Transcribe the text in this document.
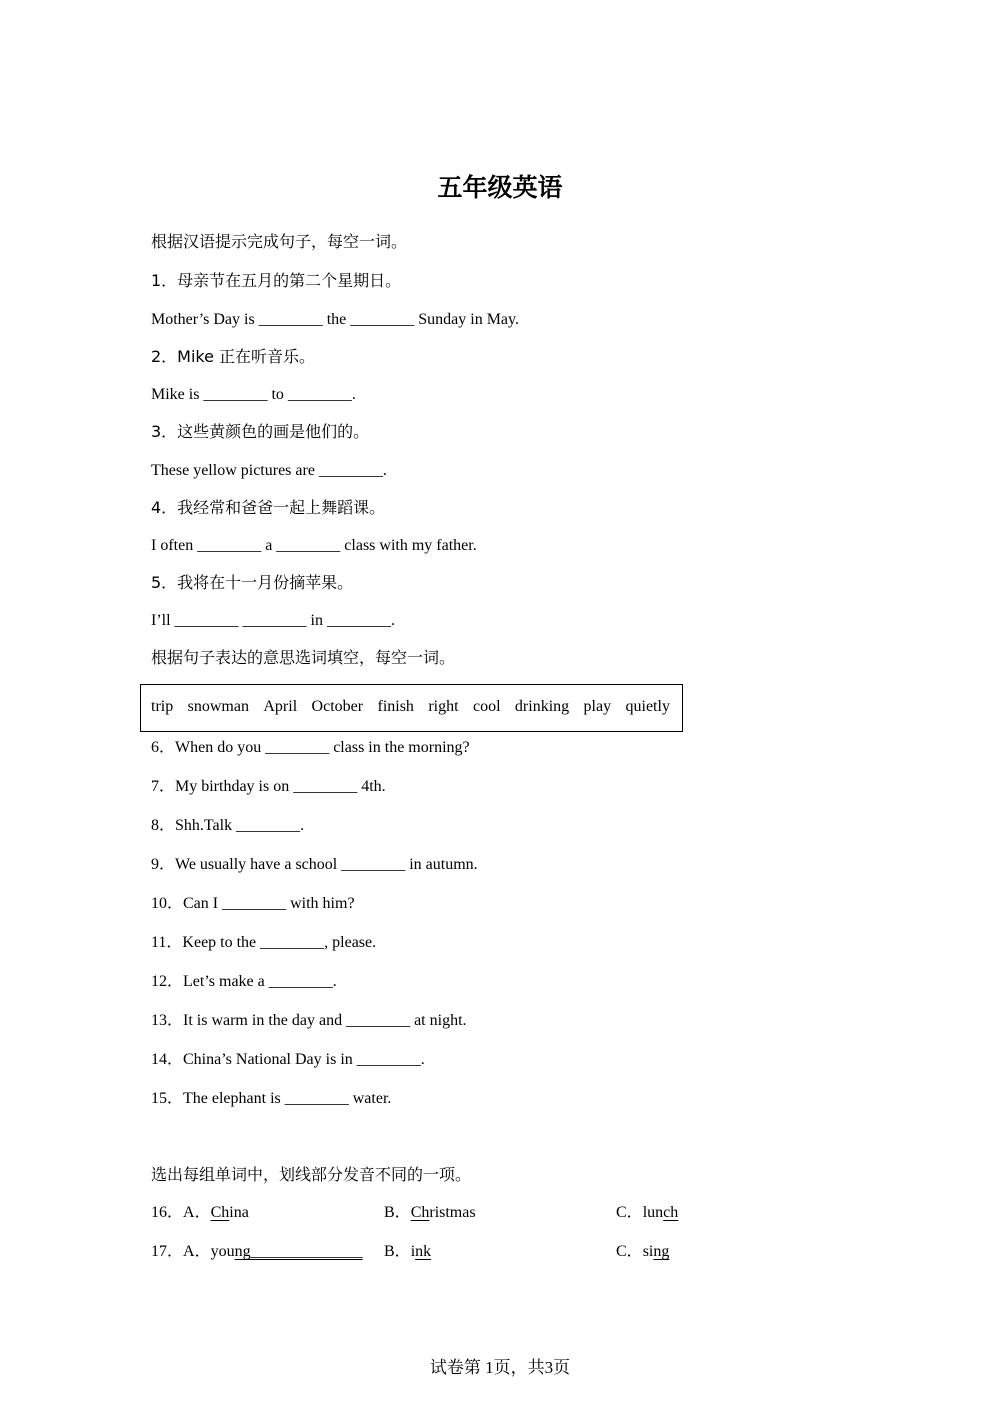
五年级英语
根据汉语提示完成句子，每空一词。
1．母亲节在五月的第二个星期日。
Mother’s Day is ________ the ________ Sunday in May.
2．Mike 正在听音乐。
Mike is ________ to ________.
3．这些黄颜色的画是他们的。
These yellow pictures are ________.
4．我经常和爸爸一起上舞蹈课。
I often ________ a ________ class with my father.
5．我将在十一月份摘苹果。
I’ll ________ ________ in ________.
根据句子表达的意思选词填空，每空一词。
trip snowman April October finish right cool drinking play quietly
6．When do you ________ class in the morning?
7．My birthday is on ________ 4th.
8．Shh.Talk ________.
9．We usually have a school ________ in autumn.
10．Can I ________ with him?
11．Keep to the ________, please.
12．Let’s make a ________.
13．It is warm in the day and ________ at night.
14．China’s National Day is in ________.
15．The elephant is ________ water.
选出每组单词中，划线部分发音不同的一项。
16．A．China	B．Christmas	C．lunch
17．A．young______________ B．ink	C．sing
试卷第 1页，共3页
